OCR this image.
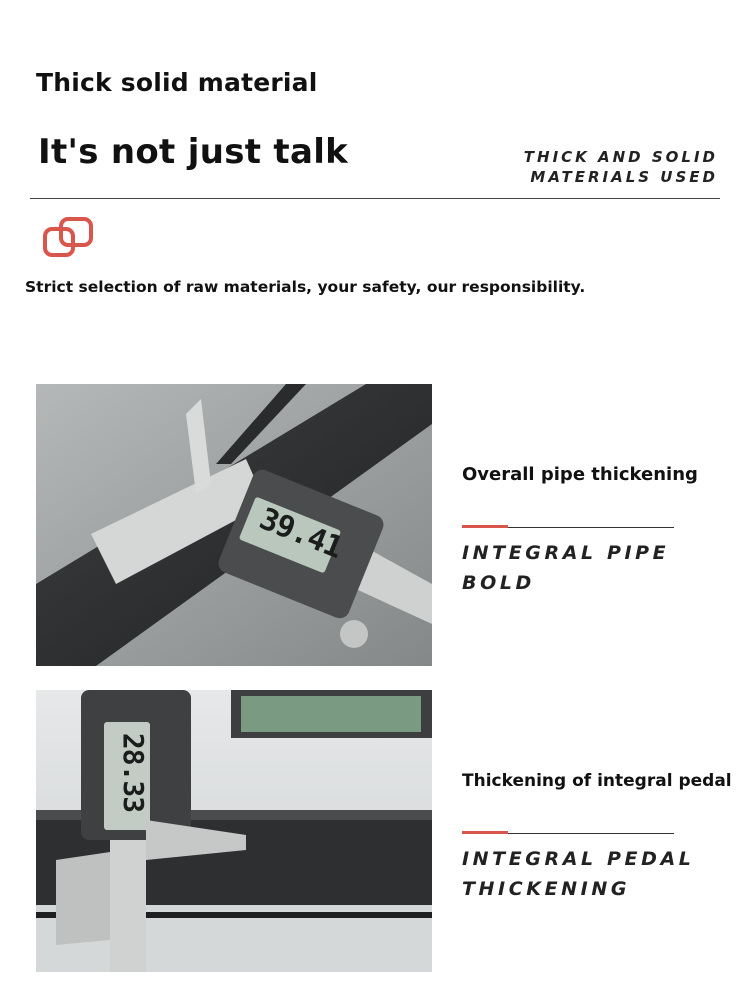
Thick solid material
It's not just talk	THICK AND SOLID
MATERIALS USED
Strict selection of raw materials, your safety, our responsibility.
39.41
Overall pipe thickening
INTEGRAL PIPE
BOLD
28.33	Thickening of integral pedal
INTEGRAL PEDAL
THICKENING
